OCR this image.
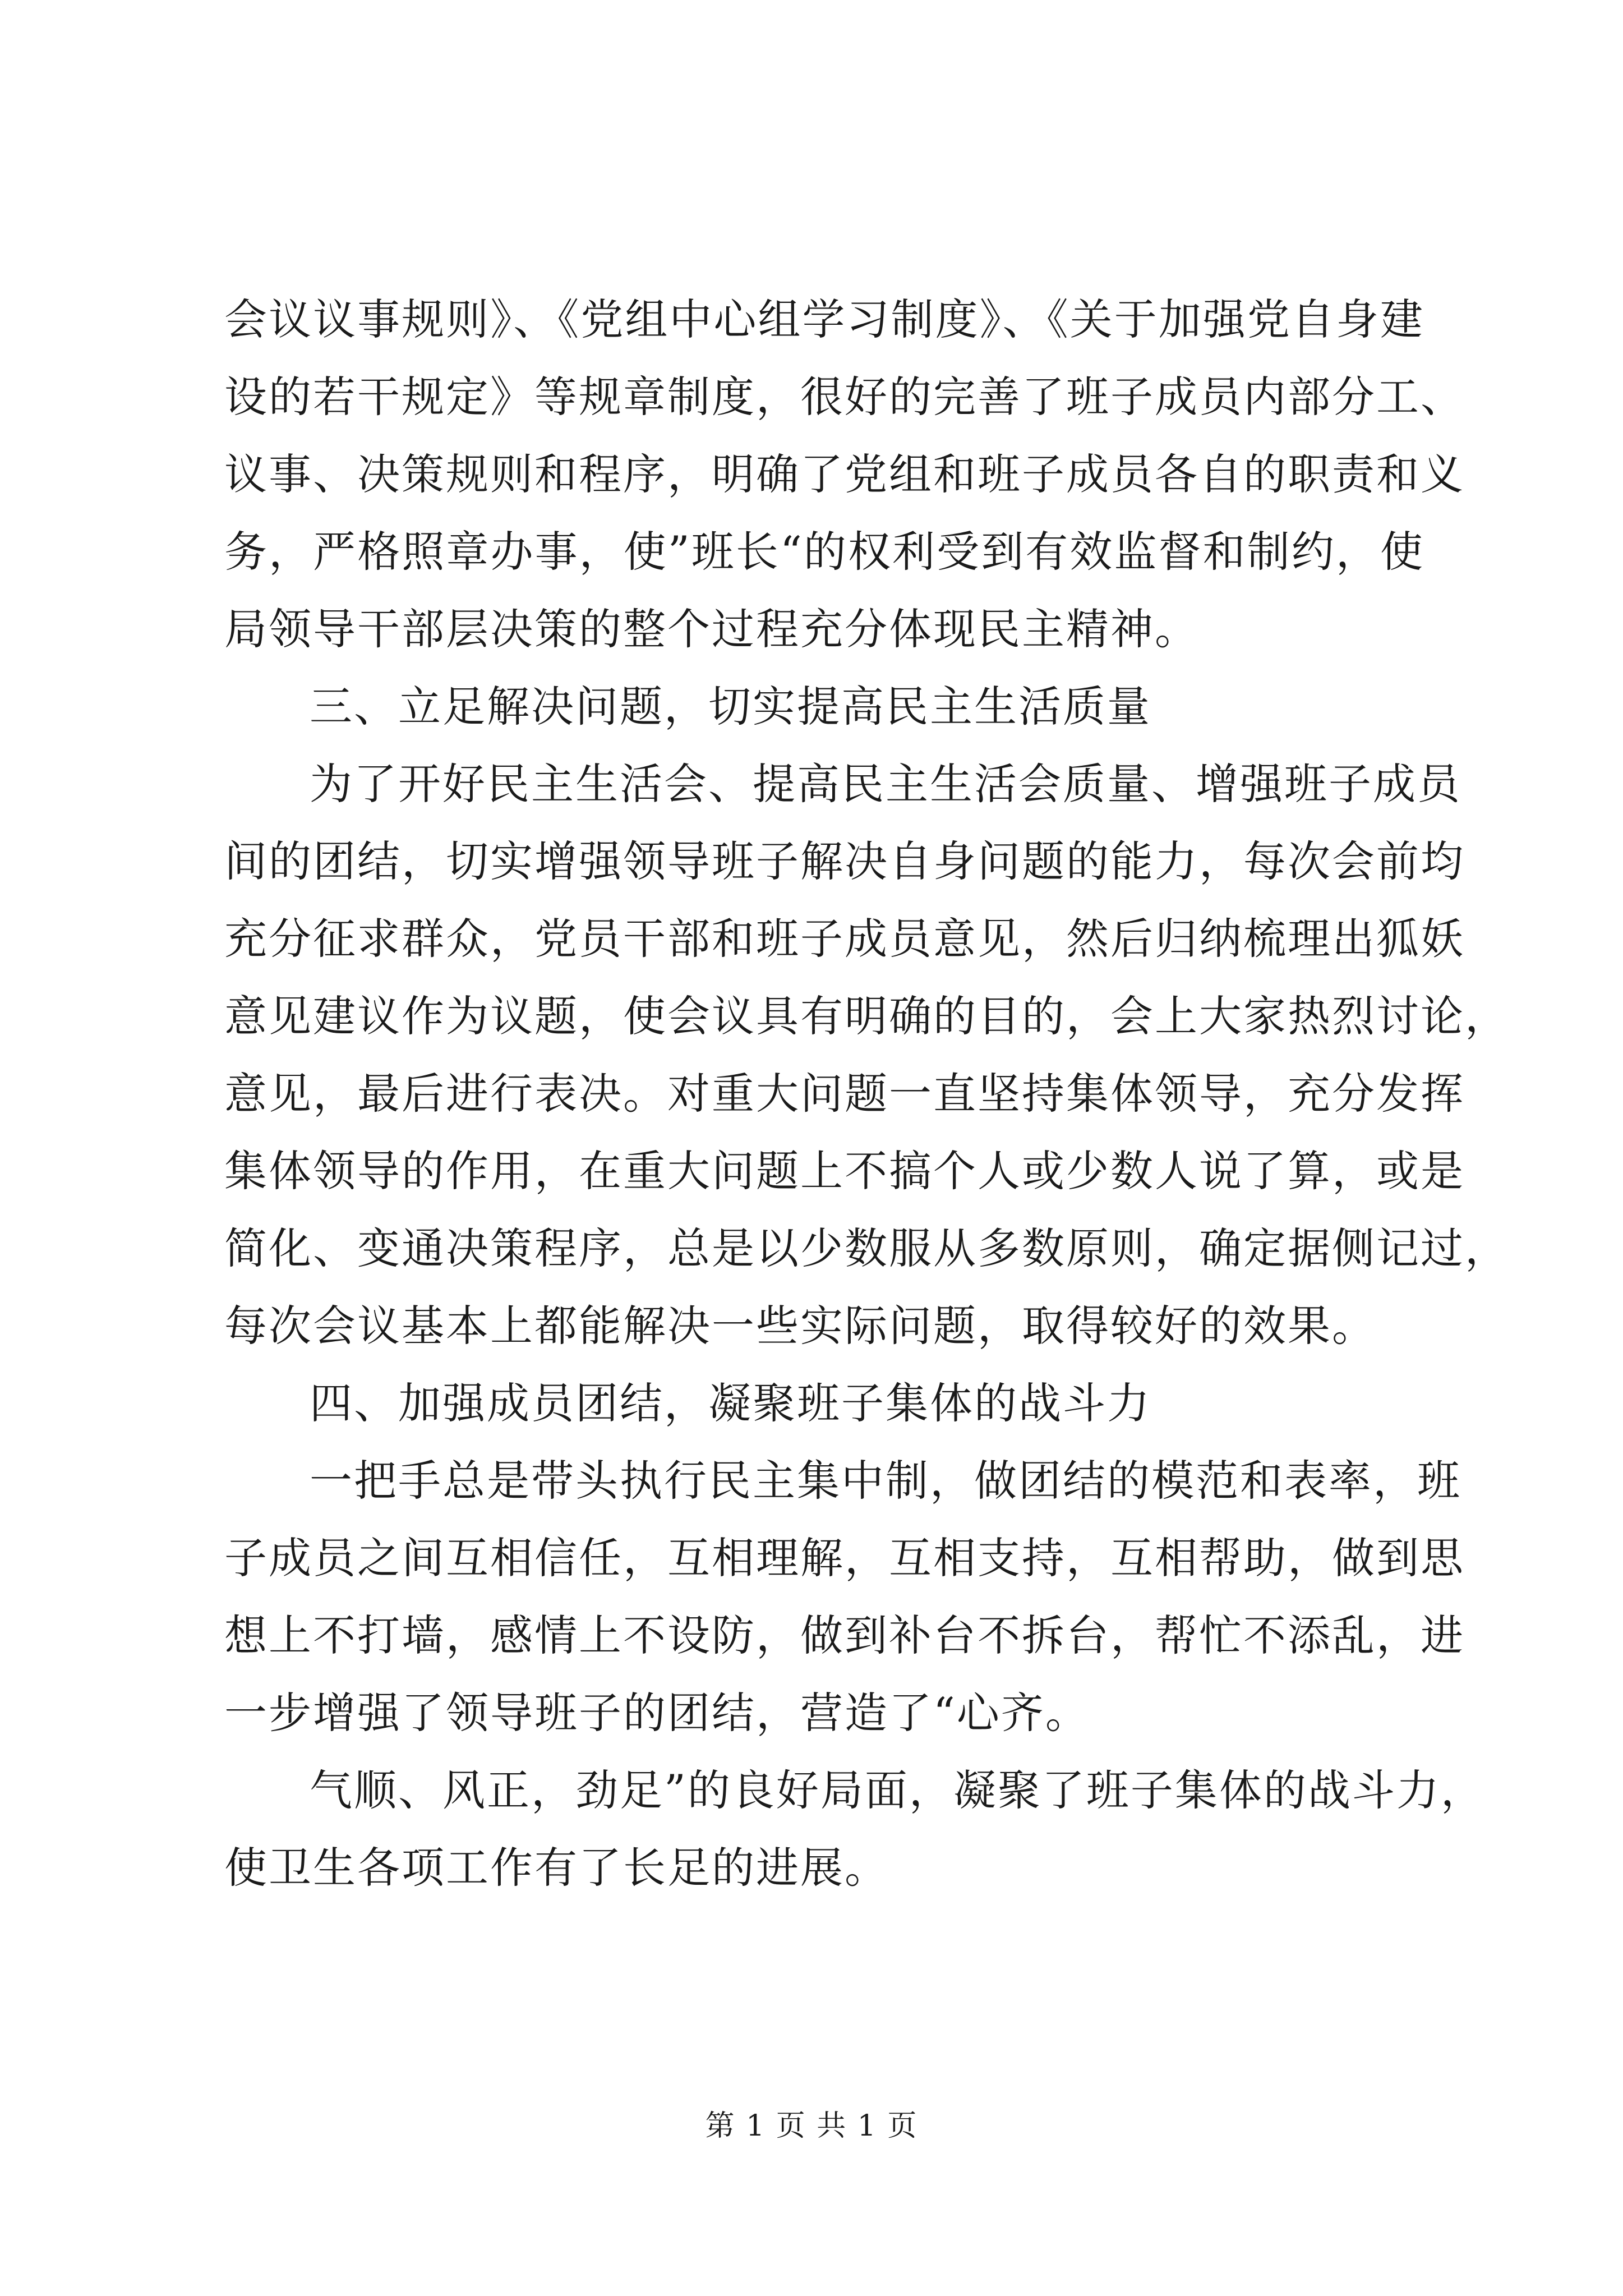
会议议事规则》、《党组中心组学习制度》、《关于加强党自身建
设的若干规定》等规章制度，很好的完善了班子成员内部分工、
议事、决策规则和程序，明确了党组和班子成员各自的职责和义
务，严格照章办事，使”班长“的权利受到有效监督和制约，使
局领导干部层决策的整个过程充分体现民主精神。
三、立足解决问题，切实提高民主生活质量
为了开好民主生活会、提高民主生活会质量、增强班子成员
间的团结，切实增强领导班子解决自身问题的能力，每次会前均
充分征求群众，党员干部和班子成员意见，然后归纳梳理出狐妖
意见建议作为议题，使会议具有明确的目的，会上大家热烈讨论，
意见，最后进行表决。对重大问题一直坚持集体领导，充分发挥
集体领导的作用，在重大问题上不搞个人或少数人说了算，或是
简化、变通决策程序，总是以少数服从多数原则，确定据侧记过，
每次会议基本上都能解决一些实际问题，取得较好的效果。
四、加强成员团结，凝聚班子集体的战斗力
一把手总是带头执行民主集中制，做团结的模范和表率，班
子成员之间互相信任，互相理解，互相支持，互相帮助，做到思
想上不打墙，感情上不设防，做到补台不拆台，帮忙不添乱，进
一步增强了领导班子的团结，营造了“心齐。
气顺、风正，劲足”的良好局面，凝聚了班子集体的战斗力，
使卫生各项工作有了长足的进展。
第 1 页 共 1 页
